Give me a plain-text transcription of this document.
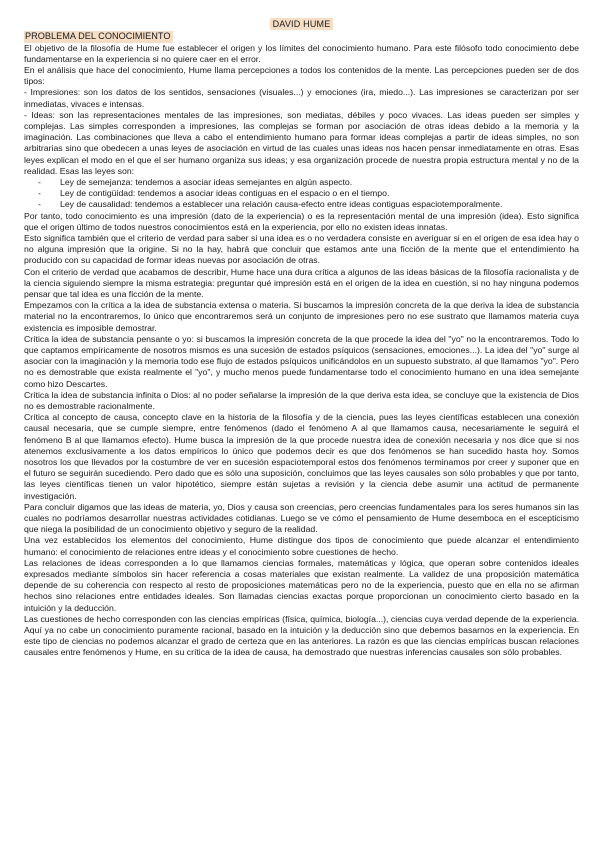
DAVID HUME
PROBLEMA DEL CONOCIMIENTO

El objetivo de la filosofía de Hume fue establecer el origen y los límites del conocimiento humano. Para este filósofo todo conocimiento debe fundamentarse en la experiencia si no quiere caer en el error.

En el análisis que hace del conocimiento, Hume llama percepciones a todos los contenidos de la mente. Las percepciones pueden ser de dos tipos:

- Impresiones: son los datos de los sentidos, sensaciones (visuales...) y emociones (ira, miedo...). Las impresiones se caracterizan por ser inmediatas, vivaces e intensas.

- Ideas: son las representaciones mentales de las impresiones, son mediatas, débiles y poco vivaces. Las ideas pueden ser simples y complejas. Las simples corresponden a impresiones, las complejas se forman por asociación de otras ideas debido a la memoria y la imaginación. Las combinaciones que lleva a cabo el entendimiento humano para formar ideas complejas a partir de ideas simples, no son arbitrarias sino que obedecen a unas leyes de asociación en virtud de las cuales unas ideas nos hacen pensar inmediatamente en otras. Esas leyes explican el modo en el que el ser humano organiza sus ideas; y esa organización procede de nuestra propia estructura mental y no de la realidad. Esas las leyes son:

- Ley de semejanza: tendemos a asociar ideas semejantes en algún aspecto.
- Ley de contigüidad: tendemos a asociar ideas contiguas en el espacio o en el tiempo.
- Ley de causalidad: tendemos a establecer una relación causa-efecto entre ideas contiguas espaciotemporalmente.

Por tanto, todo conocimiento es una impresión (dato de la experiencia) o es la representación mental de una impresión (idea). Esto significa que el origen último de todos nuestros conocimientos está en la experiencia, por ello no existen ideas innatas.

Esto significa también que el criterio de verdad para saber si una idea es o no verdadera consiste en averiguar si en el origen de esa idea hay o no alguna impresión que la origine. Si no la hay, habrá que concluir que estamos ante una ficción de la mente que el entendimiento ha producido con su capacidad de formar ideas nuevas por asociación de otras.

Con el criterio de verdad que acabamos de describir, Hume hace una dura crítica a algunos de las ideas básicas de la filosofía racionalista y de la ciencia siguiendo siempre la misma estrategia: preguntar qué impresión está en el origen de la idea en cuestión, si no hay ninguna podemos pensar que tal idea es una ficción de la mente.

Empezamos con la crítica a la idea de substancia extensa o materia. Si buscamos la impresión concreta de la que deriva la idea de substancia material no la encontraremos, lo único que encontraremos será un conjunto de impresiones pero no ese sustrato que llamamos materia cuya existencia es imposible demostrar.

Crítica la idea de substancia pensante o yo: si buscamos la impresión concreta de la que procede la idea del "yo" no la encontraremos. Todo lo que captamos empíricamente de nosotros mismos es una sucesión de estados psíquicos (sensaciones, emociones...). La idea del "yo" surge al asociar con la imaginación y la memoria todo ese flujo de estados psíquicos unificándolos en un supuesto substrato, al que llamamos "yo". Pero no es demostrable que exista realmente el "yo", y mucho menos puede fundamentarse todo el conocimiento humano en una idea semejante como hizo Descartes.

Crítica la idea de substancia infinita o Dios: al no poder señalarse la impresión de la que deriva esta idea, se concluye que la existencia de Dios no es demostrable racionalmente.

Crítica al concepto de causa, concepto clave en la historia de la filosofía y de la ciencia, pues las leyes científicas establecen una conexión causal necesaria, que se cumple siempre, entre fenómenos (dado el fenómeno A al que llamamos causa, necesariamente le seguirá el fenómeno B al que llamamos efecto). Hume busca la impresión de la que procede nuestra idea de conexión necesaria y nos dice que si nos atenemos exclusivamente a los datos empíricos lo único que podemos decir es que dos fenómenos se han sucedido hasta hoy. Somos nosotros los que llevados por la costumbre de ver en sucesión espaciotemporal estos dos fenómenos terminamos por creer y suponer que en el futuro se seguirán sucediendo. Pero dado que es sólo una suposición, concluimos que las leyes causales son sólo probables y que por tanto, las leyes científicas tienen un valor hipotético, siempre están sujetas a revisión y la ciencia debe asumir una actitud de permanente investigación.

Para concluir digamos que las ideas de materia, yo, Dios y causa son creencias, pero creencias fundamentales para los seres humanos sin las cuales no podríamos desarrollar nuestras actividades cotidianas. Luego se ve cómo el pensamiento de Hume desemboca en el escepticismo que niega la posibilidad de un conocimiento objetivo y seguro de la realidad.

Una vez establecidos los elementos del conocimiento, Hume distingue dos tipos de conocimiento que puede alcanzar el entendimiento humano: el conocimiento de relaciones entre ideas y el conocimiento sobre cuestiones de hecho.

Las relaciones de ideas corresponden a lo que llamamos ciencias formales, matemáticas y lógica, que operan sobre contenidos ideales expresados mediante símbolos sin hacer referencia a cosas materiales que existan realmente. La validez de una proposición matemática depende de su coherencia con respecto al resto de proposiciones matemáticas pero no de la experiencia, puesto que en ella no se afirman hechos sino relaciones entre entidades ideales. Son llamadas ciencias exactas porque proporcionan un conocimiento cierto basado en la intuición y la deducción.

Las cuestiones de hecho corresponden con las ciencias empíricas (física, química, biología...), ciencias cuya verdad depende de la experiencia. Aquí ya no cabe un conocimiento puramente racional, basado en la intuición y la deducción sino que debemos basarnos en la experiencia. En este tipo de ciencias no podemos alcanzar el grado de certeza que en las anteriores. La razón es que las ciencias empíricas buscan relaciones causales entre fenómenos y Hume, en su crítica de la idea de causa, ha demostrado que nuestras inferencias causales son sólo probables.
